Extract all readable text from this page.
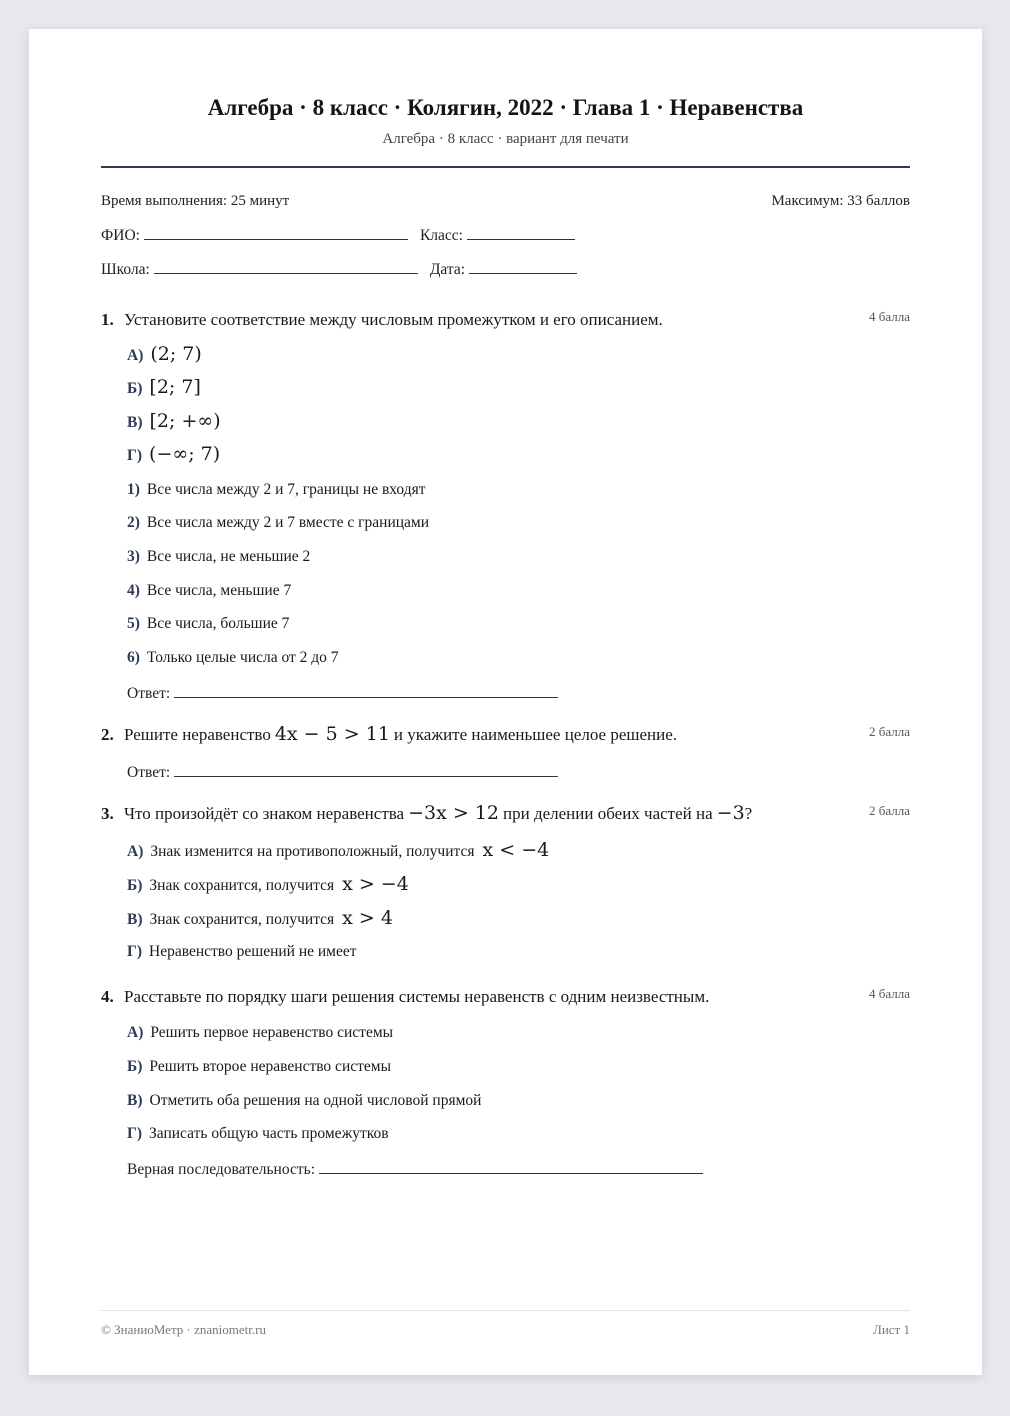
Алгебра · 8 класс · Колягин, 2022 · Глава 1 · Неравенства
Алгебра · 8 класс · вариант для печати
Время выполнения: 25 минут	Максимум: 33 баллов
ФИО:	Класс:
Школа:	Дата:
1. Установите соответствие между числовым промежутком и его описанием.	4 балла
А) (2; 7)
Б) [2; 7]
В) [2; +∞)
Г) (−∞; 7)
1) Все числа между 2 и 7, границы не входят
2) Все числа между 2 и 7 вместе с границами
3) Все числа, не меньшие 2
4) Все числа, меньшие 7
5) Все числа, большие 7
6) Только целые числа от 2 до 7
Ответ:
2. Решите неравенство 4x − 5 > 11 и укажите наименьшее целое решение.	2 балла
Ответ:
3. Что произойдёт со знаком неравенства −3x > 12 при делении обеих частей на −3?	2 балла
А) Знак изменится на противоположный, получится x < −4
Б) Знак сохранится, получится x > −4
В) Знак сохранится, получится x > 4
Г) Неравенство решений не имеет
4. Расставьте по порядку шаги решения системы неравенств с одним неизвестным.	4 балла
А) Решить первое неравенство системы
Б) Решить второе неравенство системы
В) Отметить оба решения на одной числовой прямой
Г) Записать общую часть промежутков
Верная последовательность:
© ЗнаниоМетр · znaniometr.ru	Лист 1
